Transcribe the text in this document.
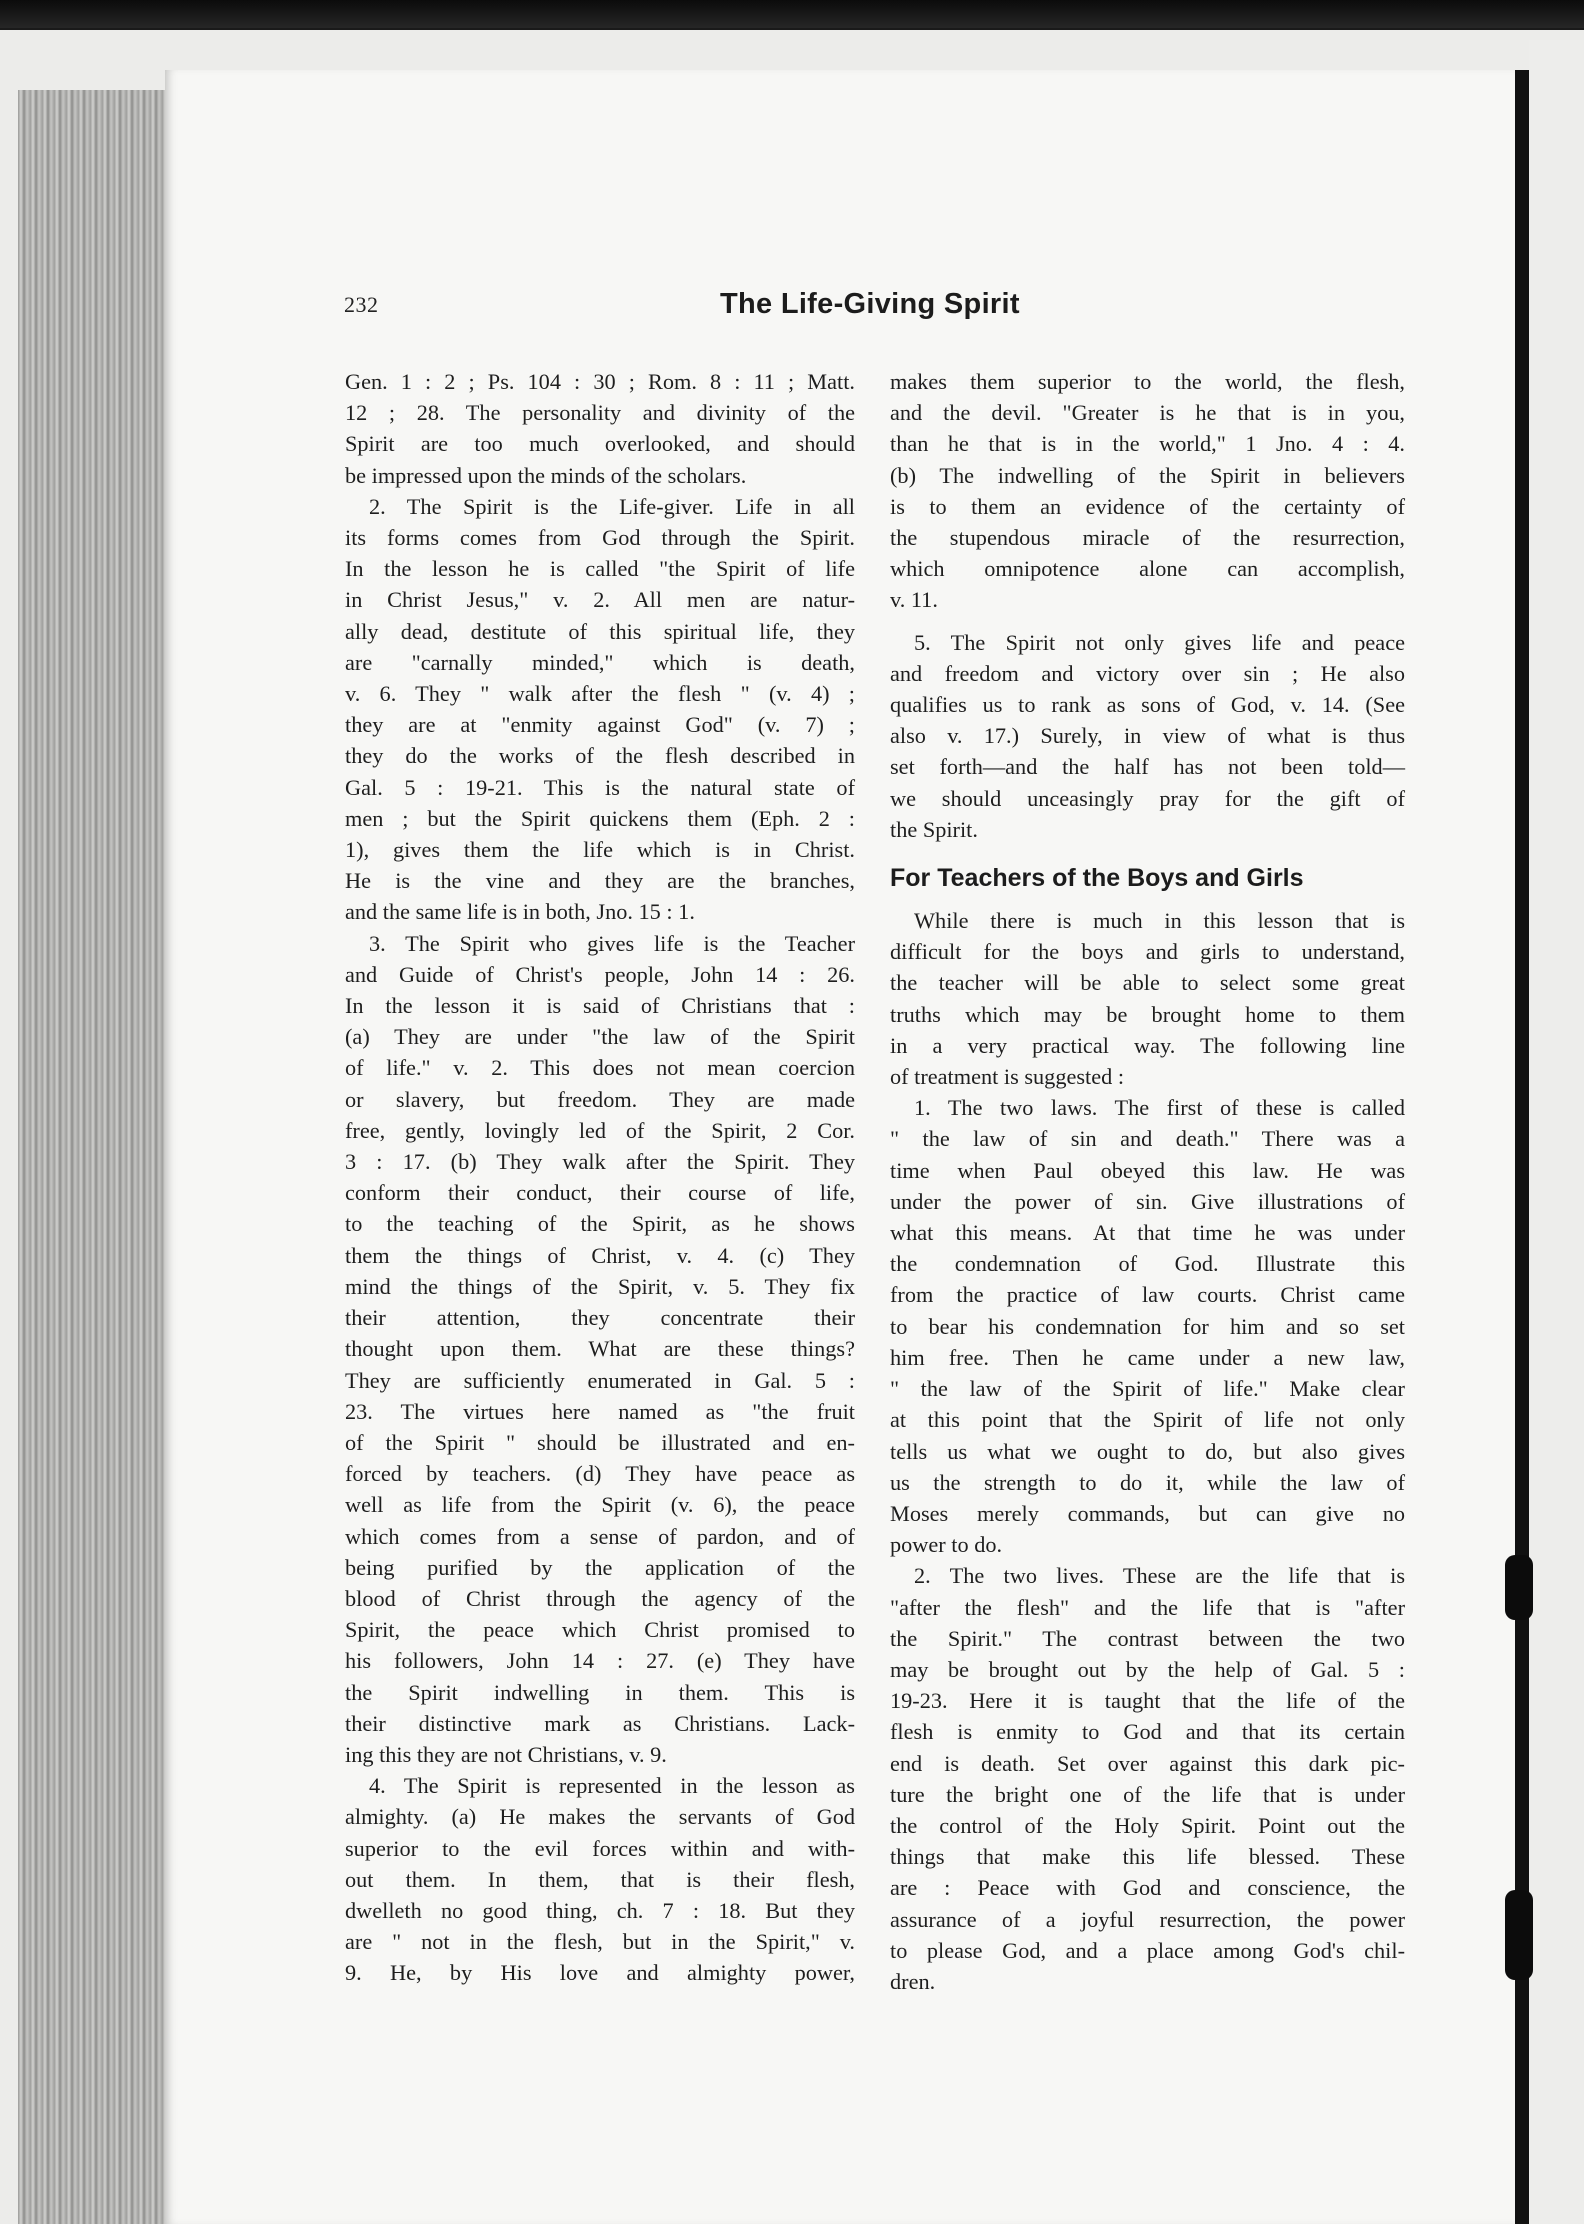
232	The Life-Giving Spirit
Gen. 1 : 2 ; Ps. 104 : 30 ; Rom. 8 : 11 ; Matt.
12 ; 28. The personality and divinity of the
Spirit are too much overlooked, and should
be impressed upon the minds of the scholars.
2. The Spirit is the Life-giver. Life in all
its forms comes from God through the Spirit.
In the lesson he is called "the Spirit of life
in Christ Jesus," v. 2. All men are natur-
ally dead, destitute of this spiritual life, they
are "carnally minded," which is death,
v. 6. They " walk after the flesh " (v. 4) ;
they are at "enmity against God" (v. 7) ;
they do the works of the flesh described in
Gal. 5 : 19-21. This is the natural state of
men ; but the Spirit quickens them (Eph. 2 :
1), gives them the life which is in Christ.
He is the vine and they are the branches,
and the same life is in both, Jno. 15 : 1.
3. The Spirit who gives life is the Teacher
and Guide of Christ's people, John 14 : 26.
In the lesson it is said of Christians that :
(a) They are under "the law of the Spirit
of life." v. 2. This does not mean coercion
or slavery, but freedom. They are made
free, gently, lovingly led of the Spirit, 2 Cor.
3 : 17. (b) They walk after the Spirit. They
conform their conduct, their course of life,
to the teaching of the Spirit, as he shows
them the things of Christ, v. 4. (c) They
mind the things of the Spirit, v. 5. They fix
their attention, they concentrate their
thought upon them. What are these things?
They are sufficiently enumerated in Gal. 5 :
23. The virtues here named as "the fruit
of the Spirit " should be illustrated and en-
forced by teachers. (d) They have peace as
well as life from the Spirit (v. 6), the peace
which comes from a sense of pardon, and of
being purified by the application of the
blood of Christ through the agency of the
Spirit, the peace which Christ promised to
his followers, John 14 : 27. (e) They have
the Spirit indwelling in them. This is
their distinctive mark as Christians. Lack-
ing this they are not Christians, v. 9.
4. The Spirit is represented in the lesson as
almighty. (a) He makes the servants of God
superior to the evil forces within and with-
out them. In them, that is their flesh,
dwelleth no good thing, ch. 7 : 18. But they
are " not in the flesh, but in the Spirit," v.
9. He, by His love and almighty power,
makes them superior to the world, the flesh,
and the devil. "Greater is he that is in you,
than he that is in the world," 1 Jno. 4 : 4.
(b) The indwelling of the Spirit in believers
is to them an evidence of the certainty of
the stupendous miracle of the resurrection,
which omnipotence alone can accomplish,
v. 11.
5. The Spirit not only gives life and peace
and freedom and victory over sin ; He also
qualifies us to rank as sons of God, v. 14. (See
also v. 17.) Surely, in view of what is thus
set forth—and the half has not been told—
we should unceasingly pray for the gift of
the Spirit.
For Teachers of the Boys and Girls
While there is much in this lesson that is
difficult for the boys and girls to understand,
the teacher will be able to select some great
truths which may be brought home to them
in a very practical way. The following line
of treatment is suggested :
1. The two laws. The first of these is called
" the law of sin and death." There was a
time when Paul obeyed this law. He was
under the power of sin. Give illustrations of
what this means. At that time he was under
the condemnation of God. Illustrate this
from the practice of law courts. Christ came
to bear his condemnation for him and so set
him free. Then he came under a new law,
" the law of the Spirit of life." Make clear
at this point that the Spirit of life not only
tells us what we ought to do, but also gives
us the strength to do it, while the law of
Moses merely commands, but can give no
power to do.
2. The two lives. These are the life that is
"after the flesh" and the life that is "after
the Spirit." The contrast between the two
may be brought out by the help of Gal. 5 :
19-23. Here it is taught that the life of the
flesh is enmity to God and that its certain
end is death. Set over against this dark pic-
ture the bright one of the life that is under
the control of the Holy Spirit. Point out the
things that make this life blessed. These
are : Peace with God and conscience, the
assurance of a joyful resurrection, the power
to please God, and a place among God's chil-
dren.
